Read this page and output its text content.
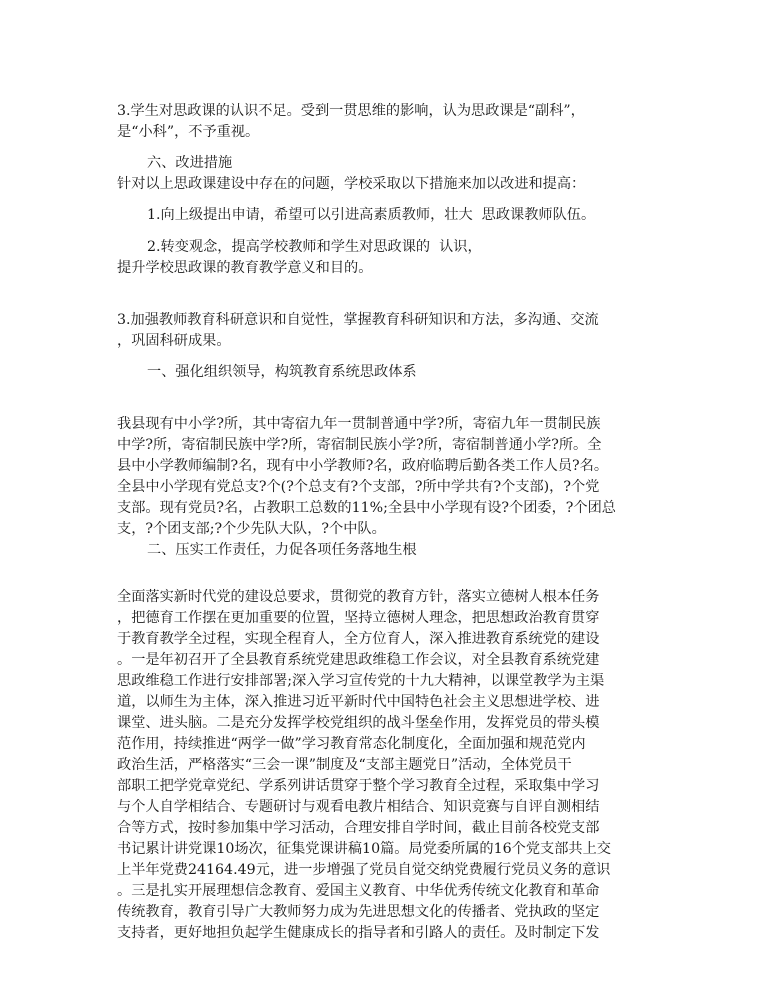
3.学生对思政课的认识不足。受到一贯思维的影响，认为思政课是“副科”，
是“小科”，不予重视。
六、改进措施
针对以上思政课建设中存在的问题，学校采取以下措施来加以改进和提高：
1.向上级提出申请，希望可以引进高素质教师，壮大  思政课教师队伍。
2.转变观念，提高学校教师和学生对思政课的  认识，
提升学校思政课的教育教学意义和目的。
3.加强教师教育科研意识和自觉性，掌握教育科研知识和方法，多沟通、交流
，巩固科研成果。
一、强化组织领导，构筑教育系统思政体系
我县现有中小学?所，其中寄宿九年一贯制普通中学?所，寄宿九年一贯制民族
中学?所，寄宿制民族中学?所，寄宿制民族小学?所，寄宿制普通小学?所。全
县中小学教师编制?名，现有中小学教师?名，政府临聘后勤各类工作人员?名。
全县中小学现有党总支?个(?个总支有?个支部，?所中学共有?个支部)，?个党
支部。现有党员?名，占教职工总数的11%;全县中小学现有设?个团委，?个团总
支，?个团支部;?个少先队大队，?个中队。
二、压实工作责任，力促各项任务落地生根
全面落实新时代党的建设总要求，贯彻党的教育方针，落实立德树人根本任务
，把德育工作摆在更加重要的位置，坚持立德树人理念，把思想政治教育贯穿
于教育教学全过程，实现全程育人，全方位育人，深入推进教育系统党的建设
。一是年初召开了全县教育系统党建思政维稳工作会议，对全县教育系统党建
思政维稳工作进行安排部署;深入学习宣传党的十九大精神，以课堂教学为主渠
道，以师生为主体，深入推进习近平新时代中国特色社会主义思想进学校、进
课堂、进头脑。二是充分发挥学校党组织的战斗堡垒作用，发挥党员的带头模
范作用，持续推进“两学一做”学习教育常态化制度化，全面加强和规范党内
政治生活，严格落实“三会一课”制度及“支部主题党日”活动，全体党员干
部职工把学党章党纪、学系列讲话贯穿于整个学习教育全过程，采取集中学习
与个人自学相结合、专题研讨与观看电教片相结合、知识竞赛与自评自测相结
合等方式，按时参加集中学习活动，合理安排自学时间，截止目前各校党支部
书记累计讲党课10场次，征集党课讲稿10篇。局党委所属的16个党支部共上交
上半年党费24164.49元，进一步增强了党员自觉交纳党费履行党员义务的意识
。三是扎实开展理想信念教育、爱国主义教育、中华优秀传统文化教育和革命
传统教育，教育引导广大教师努力成为先进思想文化的传播者、党执政的坚定
支持者，更好地担负起学生健康成长的指导者和引路人的责任。及时制定下发
